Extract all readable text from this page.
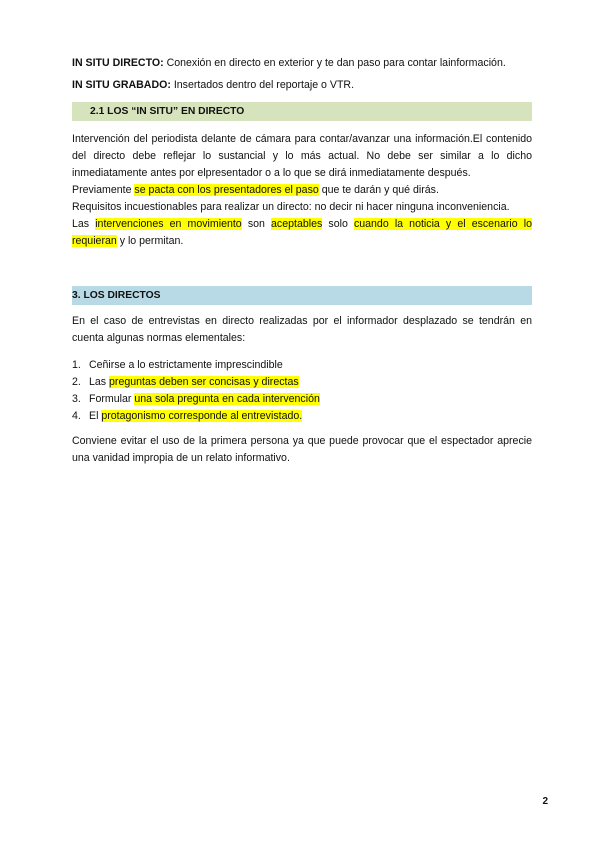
IN SITU DIRECTO: Conexión en directo en exterior y te dan paso para contar lainformación.

IN SITU GRABADO: Insertados dentro del reportaje o VTR.

2.1 LOS “IN SITU” EN DIRECTO
Intervención del periodista delante de cámara para contar/avanzar una información.El contenido
del directo debe reflejar lo sustancial y lo más actual. No debe ser similar a lo dicho
inmediatamente antes por elpresentador o a lo que se dirá inmediatamente después.
Previamente se pacta con los presentadores el paso que te darán y qué dirás.
Requisitos incuestionables para realizar un directo: no decir ni hacer ninguna inconveniencia.
Las intervenciones en movimiento son aceptables solo cuando la noticia y el escenario lo
requieran y lo permitan.
3. LOS DIRECTOS
En el caso de entrevistas en directo realizadas por el informador desplazado se tendrán en
cuenta algunas normas elementales:
1. Ceñirse a lo estrictamente imprescindible
2. Las preguntas deben ser concisas y directas
3. Formular una sola pregunta en cada intervención
4. El protagonismo corresponde al entrevistado.
Conviene evitar el uso de la primera persona ya que puede provocar que el espectador aprecie
una vanidad impropia de un relato informativo.
2
